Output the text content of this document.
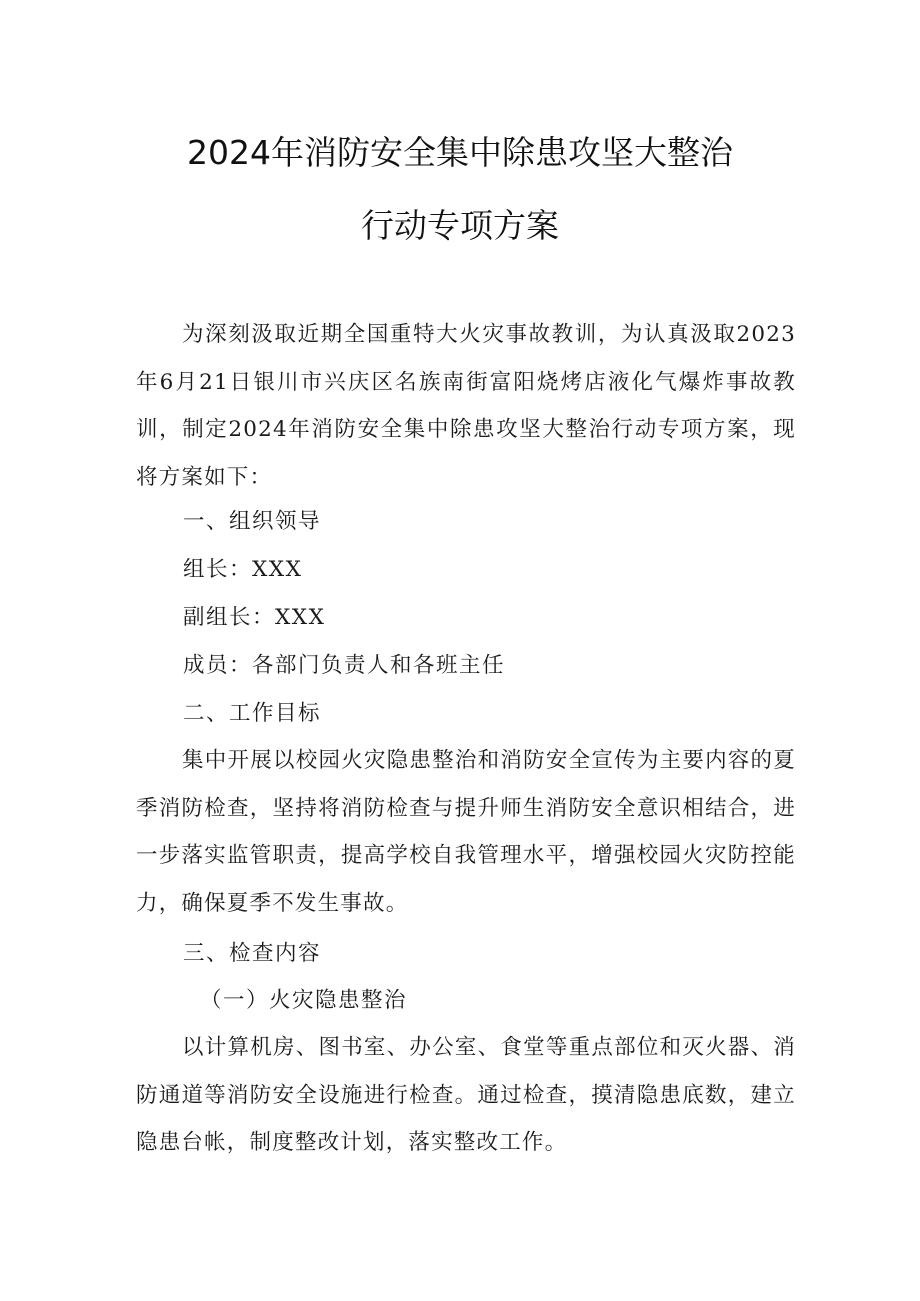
2024年消防安全集中除患攻坚大整治
行动专项方案

为深刻汲取近期全国重特大火灾事故教训，为认真汲取2023年6月21日银川市兴庆区名族南街富阳烧烤店液化气爆炸事故教训，制定2024年消防安全集中除患攻坚大整治行动专项方案，现将方案如下：

一、组织领导
组长：XXX
副组长：XXX
成员：各部门负责人和各班主任
二、工作目标

集中开展以校园火灾隐患整治和消防安全宣传为主要内容的夏季消防检查，坚持将消防检查与提升师生消防安全意识相结合，进一步落实监管职责，提高学校自我管理水平，增强校园火灾防控能力，确保夏季不发生事故。

三、检查内容
（一）火灾隐患整治

以计算机房、图书室、办公室、食堂等重点部位和灭火器、消防通道等消防安全设施进行检查。通过检查，摸清隐患底数，建立隐患台帐，制度整改计划，落实整改工作。
